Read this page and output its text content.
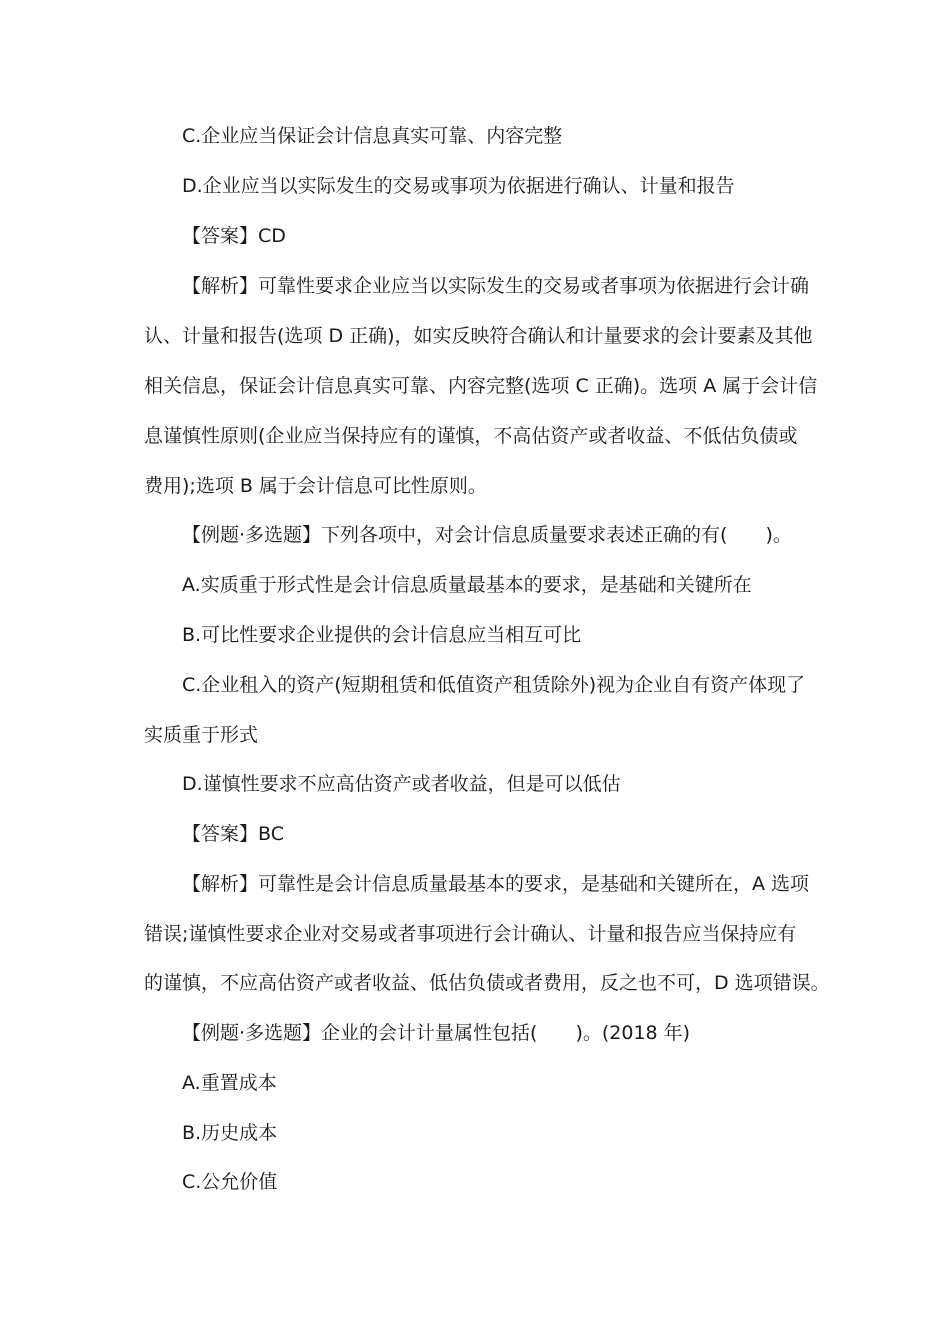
C.企业应当保证会计信息真实可靠、内容完整
D.企业应当以实际发生的交易或事项为依据进行确认、计量和报告
【答案】CD
【解析】可靠性要求企业应当以实际发生的交易或者事项为依据进行会计确
认、计量和报告(选项 D 正确)，如实反映符合确认和计量要求的会计要素及其他
相关信息，保证会计信息真实可靠、内容完整(选项 C 正确)。选项 A 属于会计信
息谨慎性原则(企业应当保持应有的谨慎，不高估资产或者收益、不低估负债或
费用);选项 B 属于会计信息可比性原则。
【例题·多选题】下列各项中，对会计信息质量要求表述正确的有(　　)。
A.实质重于形式性是会计信息质量最基本的要求，是基础和关键所在
B.可比性要求企业提供的会计信息应当相互可比
C.企业租入的资产(短期租赁和低值资产租赁除外)视为企业自有资产体现了
实质重于形式
D.谨慎性要求不应高估资产或者收益，但是可以低估
【答案】BC
【解析】可靠性是会计信息质量最基本的要求，是基础和关键所在，A 选项
错误;谨慎性要求企业对交易或者事项进行会计确认、计量和报告应当保持应有
的谨慎，不应高估资产或者收益、低估负债或者费用，反之也不可，D 选项错误。
【例题·多选题】企业的会计计量属性包括(　　)。(2018 年)
A.重置成本
B.历史成本
C.公允价值
